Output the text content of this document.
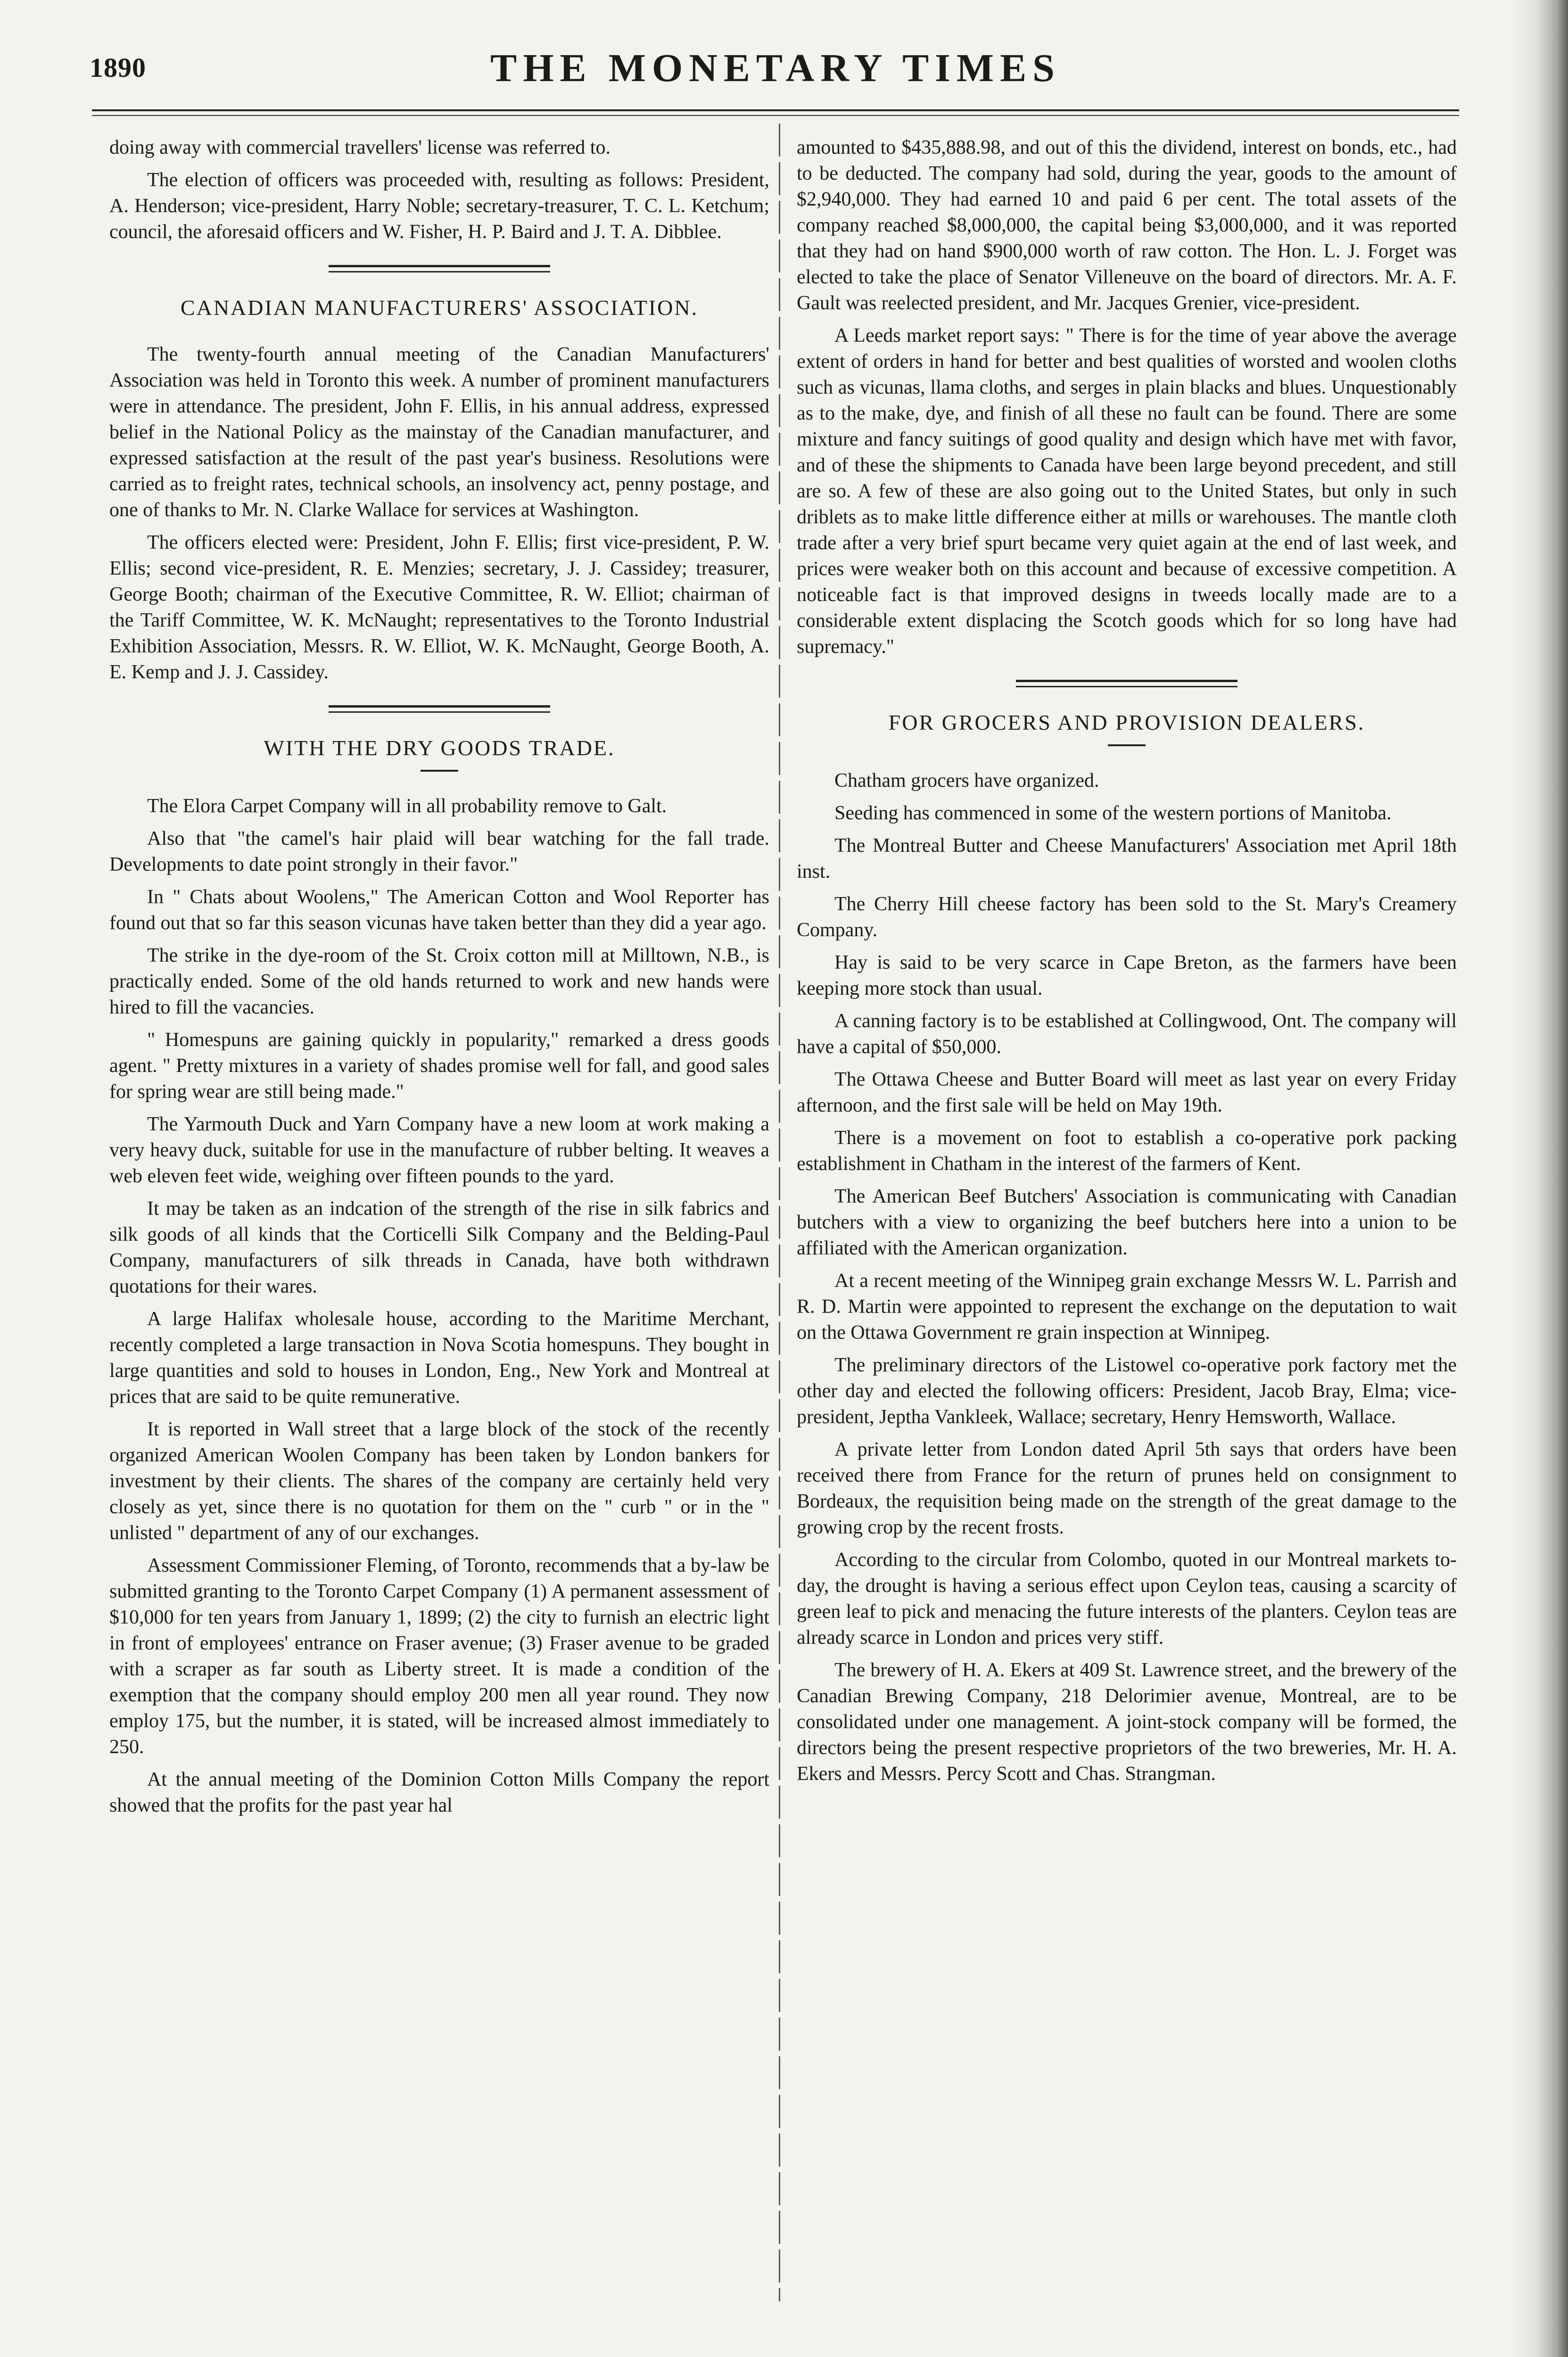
1890	THE MONETARY TIMES

doing away with commercial travellers' license was referred to.

The election of officers was proceeded with, resulting as follows: President, A. Henderson; vice-president, Harry Noble; secretary-treasurer, T. C. L. Ketchum; council, the aforesaid officers and W. Fisher, H. P. Baird and J. T. A. Dibblee.

CANADIAN MANUFACTURERS' ASSOCIATION.

The twenty-fourth annual meeting of the Canadian Manufacturers' Association was held in Toronto this week. A number of prominent manufacturers were in attendance. The president, John F. Ellis, in his annual address, expressed belief in the National Policy as the mainstay of the Canadian manufacturer, and expressed satisfaction at the result of the past year's business. Resolutions were carried as to freight rates, technical schools, an insolvency act, penny postage, and one of thanks to Mr. N. Clarke Wallace for services at Washington.

The officers elected were: President, John F. Ellis; first vice-president, P. W. Ellis; second vice-president, R. E. Menzies; secretary, J. J. Cassidey; treasurer, George Booth; chairman of the Executive Committee, R. W. Elliot; chairman of the Tariff Committee, W. K. McNaught; representatives to the Toronto Industrial Exhibition Association, Messrs. R. W. Elliot, W. K. McNaught, George Booth, A. E. Kemp and J. J. Cassidey.

WITH THE DRY GOODS TRADE.

The Elora Carpet Company will in all probability remove to Galt.

Also that "the camel's hair plaid will bear watching for the fall trade. Developments to date point strongly in their favor."

In " Chats about Woolens," The American Cotton and Wool Reporter has found out that so far this season vicunas have taken better than they did a year ago.

The strike in the dye-room of the St. Croix cotton mill at Milltown, N.B., is practically ended. Some of the old hands returned to work and new hands were hired to fill the vacancies.

" Homespuns are gaining quickly in popularity," remarked a dress goods agent. " Pretty mixtures in a variety of shades promise well for fall, and good sales for spring wear are still being made."

The Yarmouth Duck and Yarn Company have a new loom at work making a very heavy duck, suitable for use in the manufacture of rubber belting. It weaves a web eleven feet wide, weighing over fifteen pounds to the yard.

It may be taken as an indcation of the strength of the rise in silk fabrics and silk goods of all kinds that the Corticelli Silk Company and the Belding-Paul Company, manufacturers of silk threads in Canada, have both withdrawn quotations for their wares.

A large Halifax wholesale house, according to the Maritime Merchant, recently completed a large transaction in Nova Scotia homespuns. They bought in large quantities and sold to houses in London, Eng., New York and Montreal at prices that are said to be quite remunerative.

It is reported in Wall street that a large block of the stock of the recently organized American Woolen Company has been taken by London bankers for investment by their clients. The shares of the company are certainly held very closely as yet, since there is no quotation for them on the " curb " or in the " unlisted " department of any of our exchanges.

Assessment Commissioner Fleming, of Toronto, recommends that a by-law be submitted granting to the Toronto Carpet Company (1) A permanent assessment of $10,000 for ten years from January 1, 1899; (2) the city to furnish an electric light in front of employees' entrance on Fraser avenue; (3) Fraser avenue to be graded with a scraper as far south as Liberty street. It is made a condition of the exemption that the company should employ 200 men all year round. They now employ 175, but the number, it is stated, will be increased almost immediately to 250.

At the annual meeting of the Dominion Cotton Mills Company the report showed that the profits for the past year hal

amounted to $435,888.98, and out of this the dividend, interest on bonds, etc., had to be deducted. The company had sold, during the year, goods to the amount of $2,940,000. They had earned 10 and paid 6 per cent. The total assets of the company reached $8,000,000, the capital being $3,000,000, and it was reported that they had on hand $900,000 worth of raw cotton. The Hon. L. J. Forget was elected to take the place of Senator Villeneuve on the board of directors. Mr. A. F. Gault was reelected president, and Mr. Jacques Grenier, vice-president.

A Leeds market report says: " There is for the time of year above the average extent of orders in hand for better and best qualities of worsted and woolen cloths such as vicunas, llama cloths, and serges in plain blacks and blues. Unquestionably as to the make, dye, and finish of all these no fault can be found. There are some mixture and fancy suitings of good quality and design which have met with favor, and of these the shipments to Canada have been large beyond precedent, and still are so. A few of these are also going out to the United States, but only in such driblets as to make little difference either at mills or warehouses. The mantle cloth trade after a very brief spurt became very quiet again at the end of last week, and prices were weaker both on this account and because of excessive competition. A noticeable fact is that improved designs in tweeds locally made are to a considerable extent displacing the Scotch goods which for so long have had supremacy."

FOR GROCERS AND PROVISION DEALERS.

Chatham grocers have organized.

Seeding has commenced in some of the western portions of Manitoba.

The Montreal Butter and Cheese Manufacturers' Association met April 18th inst.

The Cherry Hill cheese factory has been sold to the St. Mary's Creamery Company.

Hay is said to be very scarce in Cape Breton, as the farmers have been keeping more stock than usual.

A canning factory is to be established at Collingwood, Ont. The company will have a capital of $50,000.

The Ottawa Cheese and Butter Board will meet as last year on every Friday afternoon, and the first sale will be held on May 19th.

There is a movement on foot to establish a co-operative pork packing establishment in Chatham in the interest of the farmers of Kent.

The American Beef Butchers' Association is communicating with Canadian butchers with a view to organizing the beef butchers here into a union to be affiliated with the American organization.

At a recent meeting of the Winnipeg grain exchange Messrs W. L. Parrish and R. D. Martin were appointed to represent the exchange on the deputation to wait on the Ottawa Government re grain inspection at Winnipeg.

The preliminary directors of the Listowel co-operative pork factory met the other day and elected the following officers: President, Jacob Bray, Elma; vice-president, Jeptha Vankleek, Wallace; secretary, Henry Hemsworth, Wallace.

A private letter from London dated April 5th says that orders have been received there from France for the return of prunes held on consignment to Bordeaux, the requisition being made on the strength of the great damage to the growing crop by the recent frosts.

According to the circular from Colombo, quoted in our Montreal markets to-day, the drought is having a serious effect upon Ceylon teas, causing a scarcity of green leaf to pick and menacing the future interests of the planters. Ceylon teas are already scarce in London and prices very stiff.

The brewery of H. A. Ekers at 409 St. Lawrence street, and the brewery of the Canadian Brewing Company, 218 Delorimier avenue, Montreal, are to be consolidated under one management. A joint-stock company will be formed, the directors being the present respective proprietors of the two breweries, Mr. H. A. Ekers and Messrs. Percy Scott and Chas. Strangman.
